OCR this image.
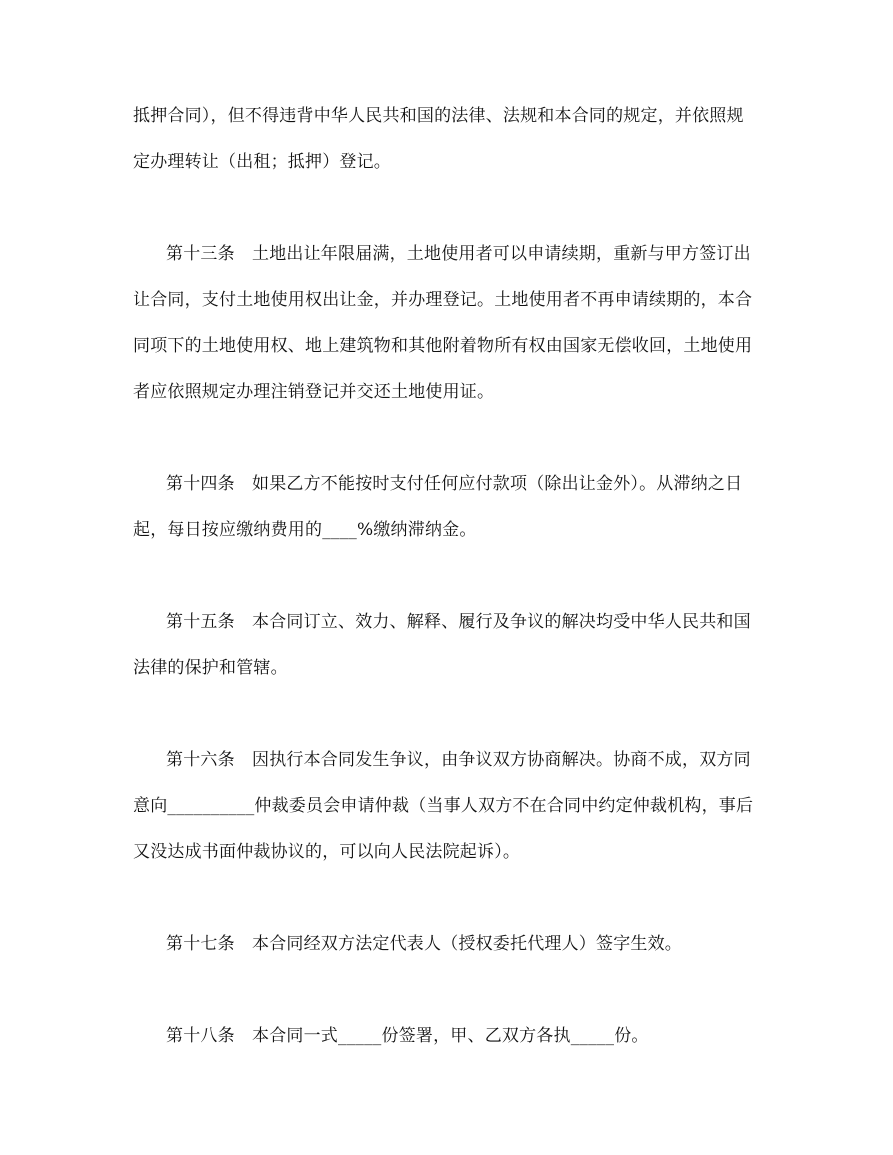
抵押合同），但不得违背中华人民共和国的法律、法规和本合同的规定，并依照规
定办理转让（出租；抵押）登记。
第十三条　土地出让年限届满，土地使用者可以申请续期，重新与甲方签订出
让合同，支付土地使用权出让金，并办理登记。土地使用者不再申请续期的，本合
同项下的土地使用权、地上建筑物和其他附着物所有权由国家无偿收回，土地使用
者应依照规定办理注销登记并交还土地使用证。
第十四条　如果乙方不能按时支付任何应付款项（除出让金外）。从滞纳之日
起，每日按应缴纳费用的____%缴纳滞纳金。
第十五条　本合同订立、效力、解释、履行及争议的解决均受中华人民共和国
法律的保护和管辖。
第十六条　因执行本合同发生争议，由争议双方协商解决。协商不成，双方同
意向__________仲裁委员会申请仲裁（当事人双方不在合同中约定仲裁机构，事后
又没达成书面仲裁协议的，可以向人民法院起诉）。
第十七条　本合同经双方法定代表人（授权委托代理人）签字生效。
第十八条　本合同一式_____份签署，甲、乙双方各执_____份。
